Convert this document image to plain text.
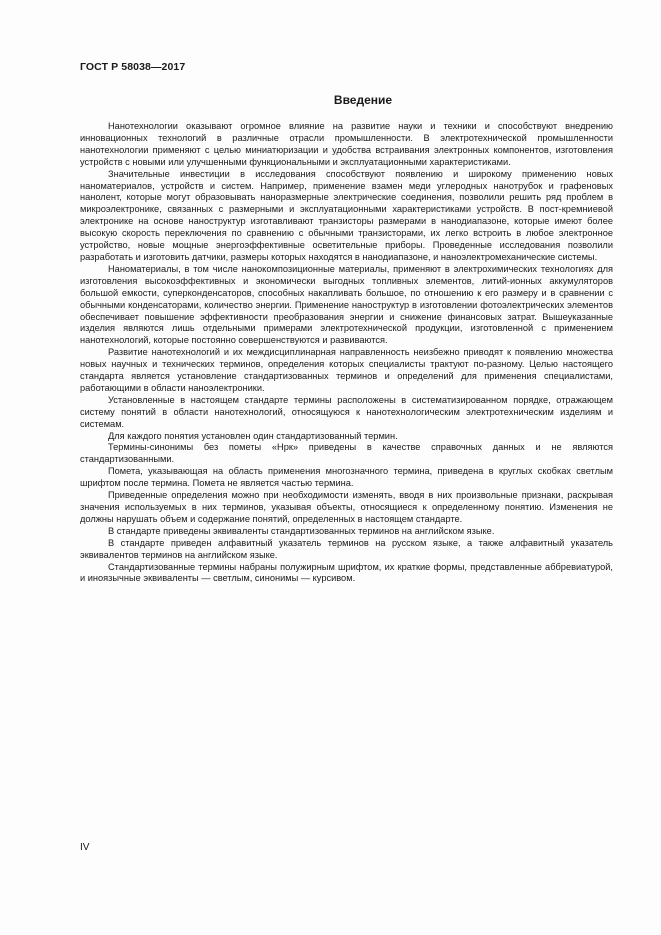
ГОСТ Р 58038—2017
Введение

Нанотехнологии оказывают огромное влияние на развитие науки и техники и способствуют внедрению инновационных технологий в различные отрасли промышленности. В электротехнической промышленности нанотехнологии применяют с целью миниатюризации и удобства встраивания электронных компонентов, изготовления устройств с новыми или улучшенными функциональными и эксплуатационными характеристиками.

Значительные инвестиции в исследования способствуют появлению и широкому применению новых наноматериалов, устройств и систем. Например, применение взамен меди углеродных нанотрубок и графеновых нанолент, которые могут образовывать наноразмерные электрические соединения, позволили решить ряд проблем в микроэлектронике, связанных с размерными и эксплуатационными характеристиками устройств. В пост-кремниевой электронике на основе наноструктур изготавливают транзисторы размерами в нанодиапазоне, которые имеют более высокую скорость переключения по сравнению с обычными транзисторами, их легко встроить в любое электронное устройство, новые мощные энергоэффективные осветительные приборы. Проведенные исследования позволили разработать и изготовить датчики, размеры которых находятся в нанодиапазоне, и наноэлектромеханические системы.

Наноматериалы, в том числе нанокомпозиционные материалы, применяют в электрохимических технологиях для изготовления высокоэффективных и экономически выгодных топливных элементов, литий-ионных аккумуляторов большой емкости, суперконденсаторов, способных накапливать большое, по отношению к его размеру и в сравнении с обычными конденсаторами, количество энергии. Применение наноструктур в изготовлении фотоэлектрических элементов обеспечивает повышение эффективности преобразования энергии и снижение финансовых затрат. Вышеуказанные изделия являются лишь отдельными примерами электротехнической продукции, изготовленной с применением нанотехнологий, которые постоянно совершенствуются и развиваются.

Развитие нанотехнологий и их междисциплинарная направленность неизбежно приводят к появлению множества новых научных и технических терминов, определения которых специалисты трактуют по-разному. Целью настоящего стандарта является установление стандартизованных терминов и определений для применения специалистами, работающими в области наноэлектроники.

Установленные в настоящем стандарте термины расположены в систематизированном порядке, отражающем систему понятий в области нанотехнологий, относящуюся к нанотехнологическим электротехническим изделиям и системам.

Для каждого понятия установлен один стандартизованный термин.

Термины-синонимы без пометы «Нрк» приведены в качестве справочных данных и не являются стандартизованными.

Помета, указывающая на область применения многозначного термина, приведена в круглых скобках светлым шрифтом после термина. Помета не является частью термина.

Приведенные определения можно при необходимости изменять, вводя в них произвольные признаки, раскрывая значения используемых в них терминов, указывая объекты, относящиеся к определенному понятию. Изменения не должны нарушать объем и содержание понятий, определенных в настоящем стандарте.

В стандарте приведены эквиваленты стандартизованных терминов на английском языке.

В стандарте приведен алфавитный указатель терминов на русском языке, а также алфавитный указатель эквивалентов терминов на английском языке.

Стандартизованные термины набраны полужирным шрифтом, их краткие формы, представленные аббревиатурой, и иноязычные эквиваленты — светлым, синонимы — курсивом.

IV
